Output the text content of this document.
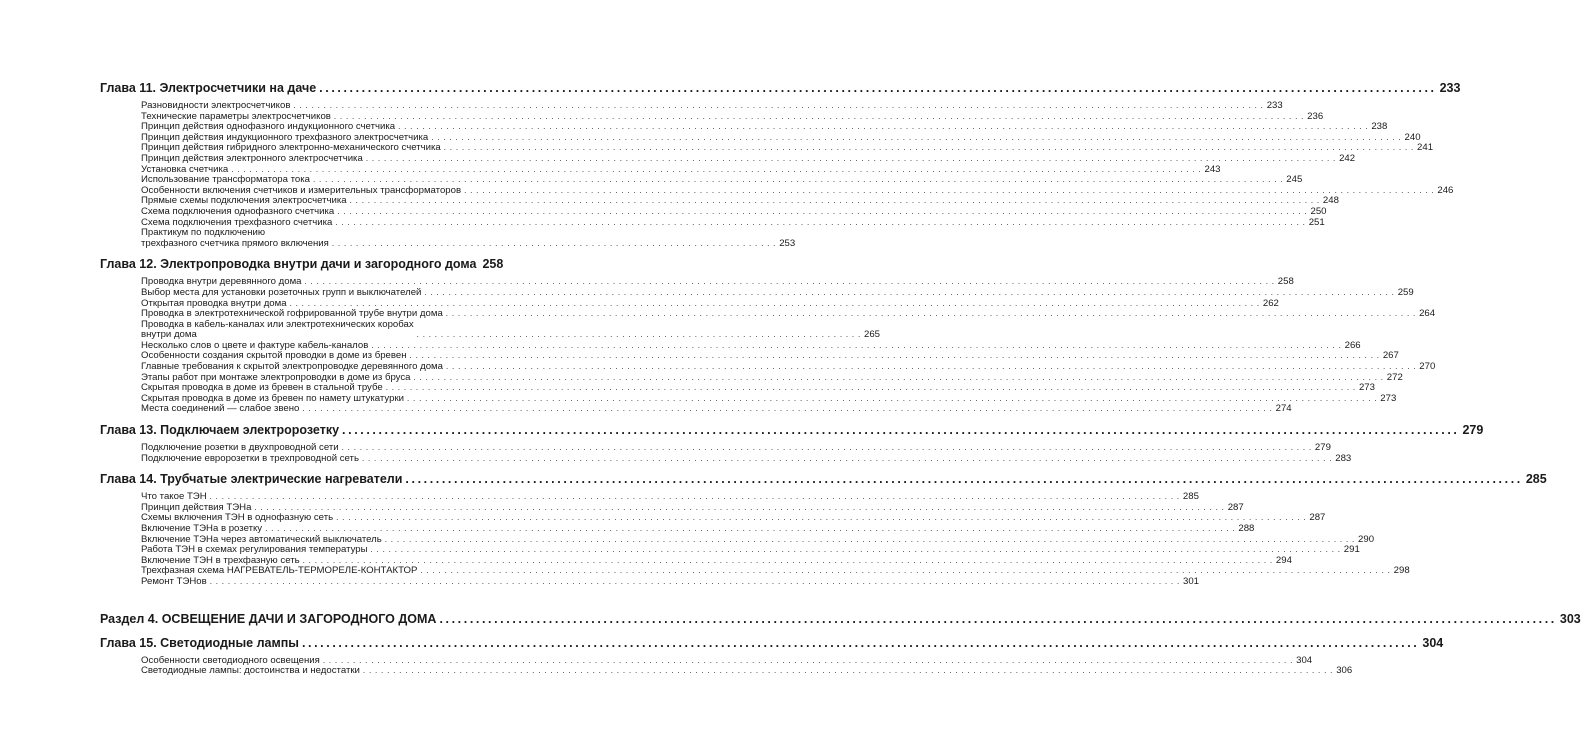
Глава 11. Электросчетчики на даче .....	233
Разновидности электросчетчиков . . .	233
Технические параметры электросчетчиков . . .	236
Принцип действия однофазного индукционного счетчика . . .	238
Принцип действия индукционного трехфазного электросчетчика . . .	240
Принцип действия гибридного электронно-механического счетчика . . .	241
Принцип действия электронного электросчетчика . . .	242
Установка счетчика . . .	243
Использование трансформатора тока . . .	245
Особенности включения счетчиков и измерительных трансформаторов . . .	246
Прямые схемы подключения электросчетчика . . .	248
Схема подключения однофазного счетчика . . .	250
Схема подключения трехфазного счетчика . . .	251
Практикум по подключению
трехфазного счетчика прямого включения . . .	253
Глава 12. Электропроводка внутри дачи и загородного дома 258
Проводка внутри деревянного дома . . .	258
Выбор места для установки розеточных групп и выключателей . . .	259
Открытая проводка внутри дома . . .	262
Проводка в электротехнической гофрированной трубе внутри дома . . .	264
Проводка в кабель-каналах или электротехнических коробах
внутри дома . . .	265
Несколько слов о цвете и фактуре кабель-каналов . . .	266
Особенности создания скрытой проводки в доме из бревен . . .	267
Главные требования к скрытой электропроводке деревянного дома . . .	270
Этапы работ при монтаже электропроводки в доме из бруса . . .	272
Скрытая проводка в доме из бревен в стальной трубе . . .	273
Скрытая проводка в доме из бревен по намету штукатурки . . .	273
Места соединений — слабое звено . . .	274
Глава 13. Подключаем электророзетку .....	279
Подключение розетки в двухпроводной сети . . .	279
Подключение евророзетки в трехпроводной сеть . . .	283
Глава 14. Трубчатые электрические нагреватели .....	285
Что такое ТЭН . . .	285
Принцип действия ТЭНа . . .	287
Схемы включения ТЭН в однофазную сеть . . .	287
Включение ТЭНа в розетку . . .	288
Включение ТЭНа через автоматический выключатель . . .	290
Работа ТЭН в схемах регулирования температуры . . .	291
Включение ТЭН в трехфазную сеть . . .	294
Трехфазная схема НАГРЕВАТЕЛЬ-ТЕРМОРЕЛЕ-КОНТАКТОР . . .	298
Ремонт ТЭНов . . .	301
Раздел 4. ОСВЕЩЕНИЕ ДАЧИ И ЗАГОРОДНОГО ДОМА .....	303
Глава 15. Светодиодные лампы .....	304
Особенности светодиодного освещения . . .	304
Светодиодные лампы: достоинства и недостатки . . .	306
